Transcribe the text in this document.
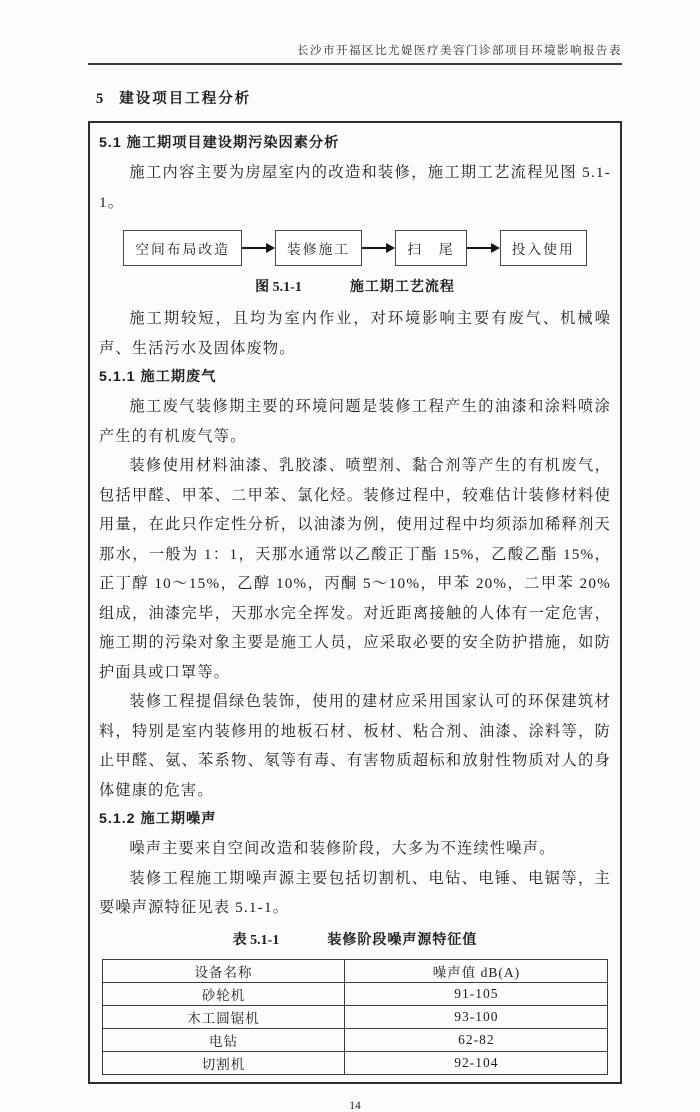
长沙市开福区比尤媞医疗美容门诊部项目环境影响报告表
5 建设项目工程分析
5.1 施工期项目建设期污染因素分析

施工内容主要为房屋室内的改造和装修，施工期工艺流程见图 5.1-1。

空间布局改造	装修施工	扫　尾	投入使用
图 5.1-1	施工期工艺流程

施工期较短，且均为室内作业，对环境影响主要有废气、机械噪声、生活污水及固体废物。

5.1.1 施工期废气

施工废气装修期主要的环境问题是装修工程产生的油漆和涂料喷涂产生的有机废气等。

装修使用材料油漆、乳胶漆、喷塑剂、黏合剂等产生的有机废气，包括甲醛、甲苯、二甲苯、氯化烃。装修过程中，较难估计装修材料使用量，在此只作定性分析，以油漆为例，使用过程中均须添加稀释剂天那水，一般为 1：1，天那水通常以乙酸正丁酯 15%，乙酸乙酯 15%，正丁醇 10～15%，乙醇 10%，丙酮 5～10%，甲苯 20%，二甲苯 20%组成，油漆完毕，天那水完全挥发。对近距离接触的人体有一定危害，施工期的污染对象主要是施工人员，应采取必要的安全防护措施，如防护面具或口罩等。

装修工程提倡绿色装饰，使用的建材应采用国家认可的环保建筑材料，特别是室内装修用的地板石材、板材、粘合剂、油漆、涂料等，防止甲醛、氨、苯系物、氡等有毒、有害物质超标和放射性物质对人的身体健康的危害。

5.1.2 施工期噪声

噪声主要来自空间改造和装修阶段，大多为不连续性噪声。

装修工程施工期噪声源主要包括切割机、电钻、电锤、电锯等，主要噪声源特征见表 5.1-1。

表 5.1-1	装修阶段噪声源特征值
设备名称	噪声值 dB(A)
砂轮机	91-105
木工圆锯机	93-100
电钻	62-82
切割机	92-104
14
